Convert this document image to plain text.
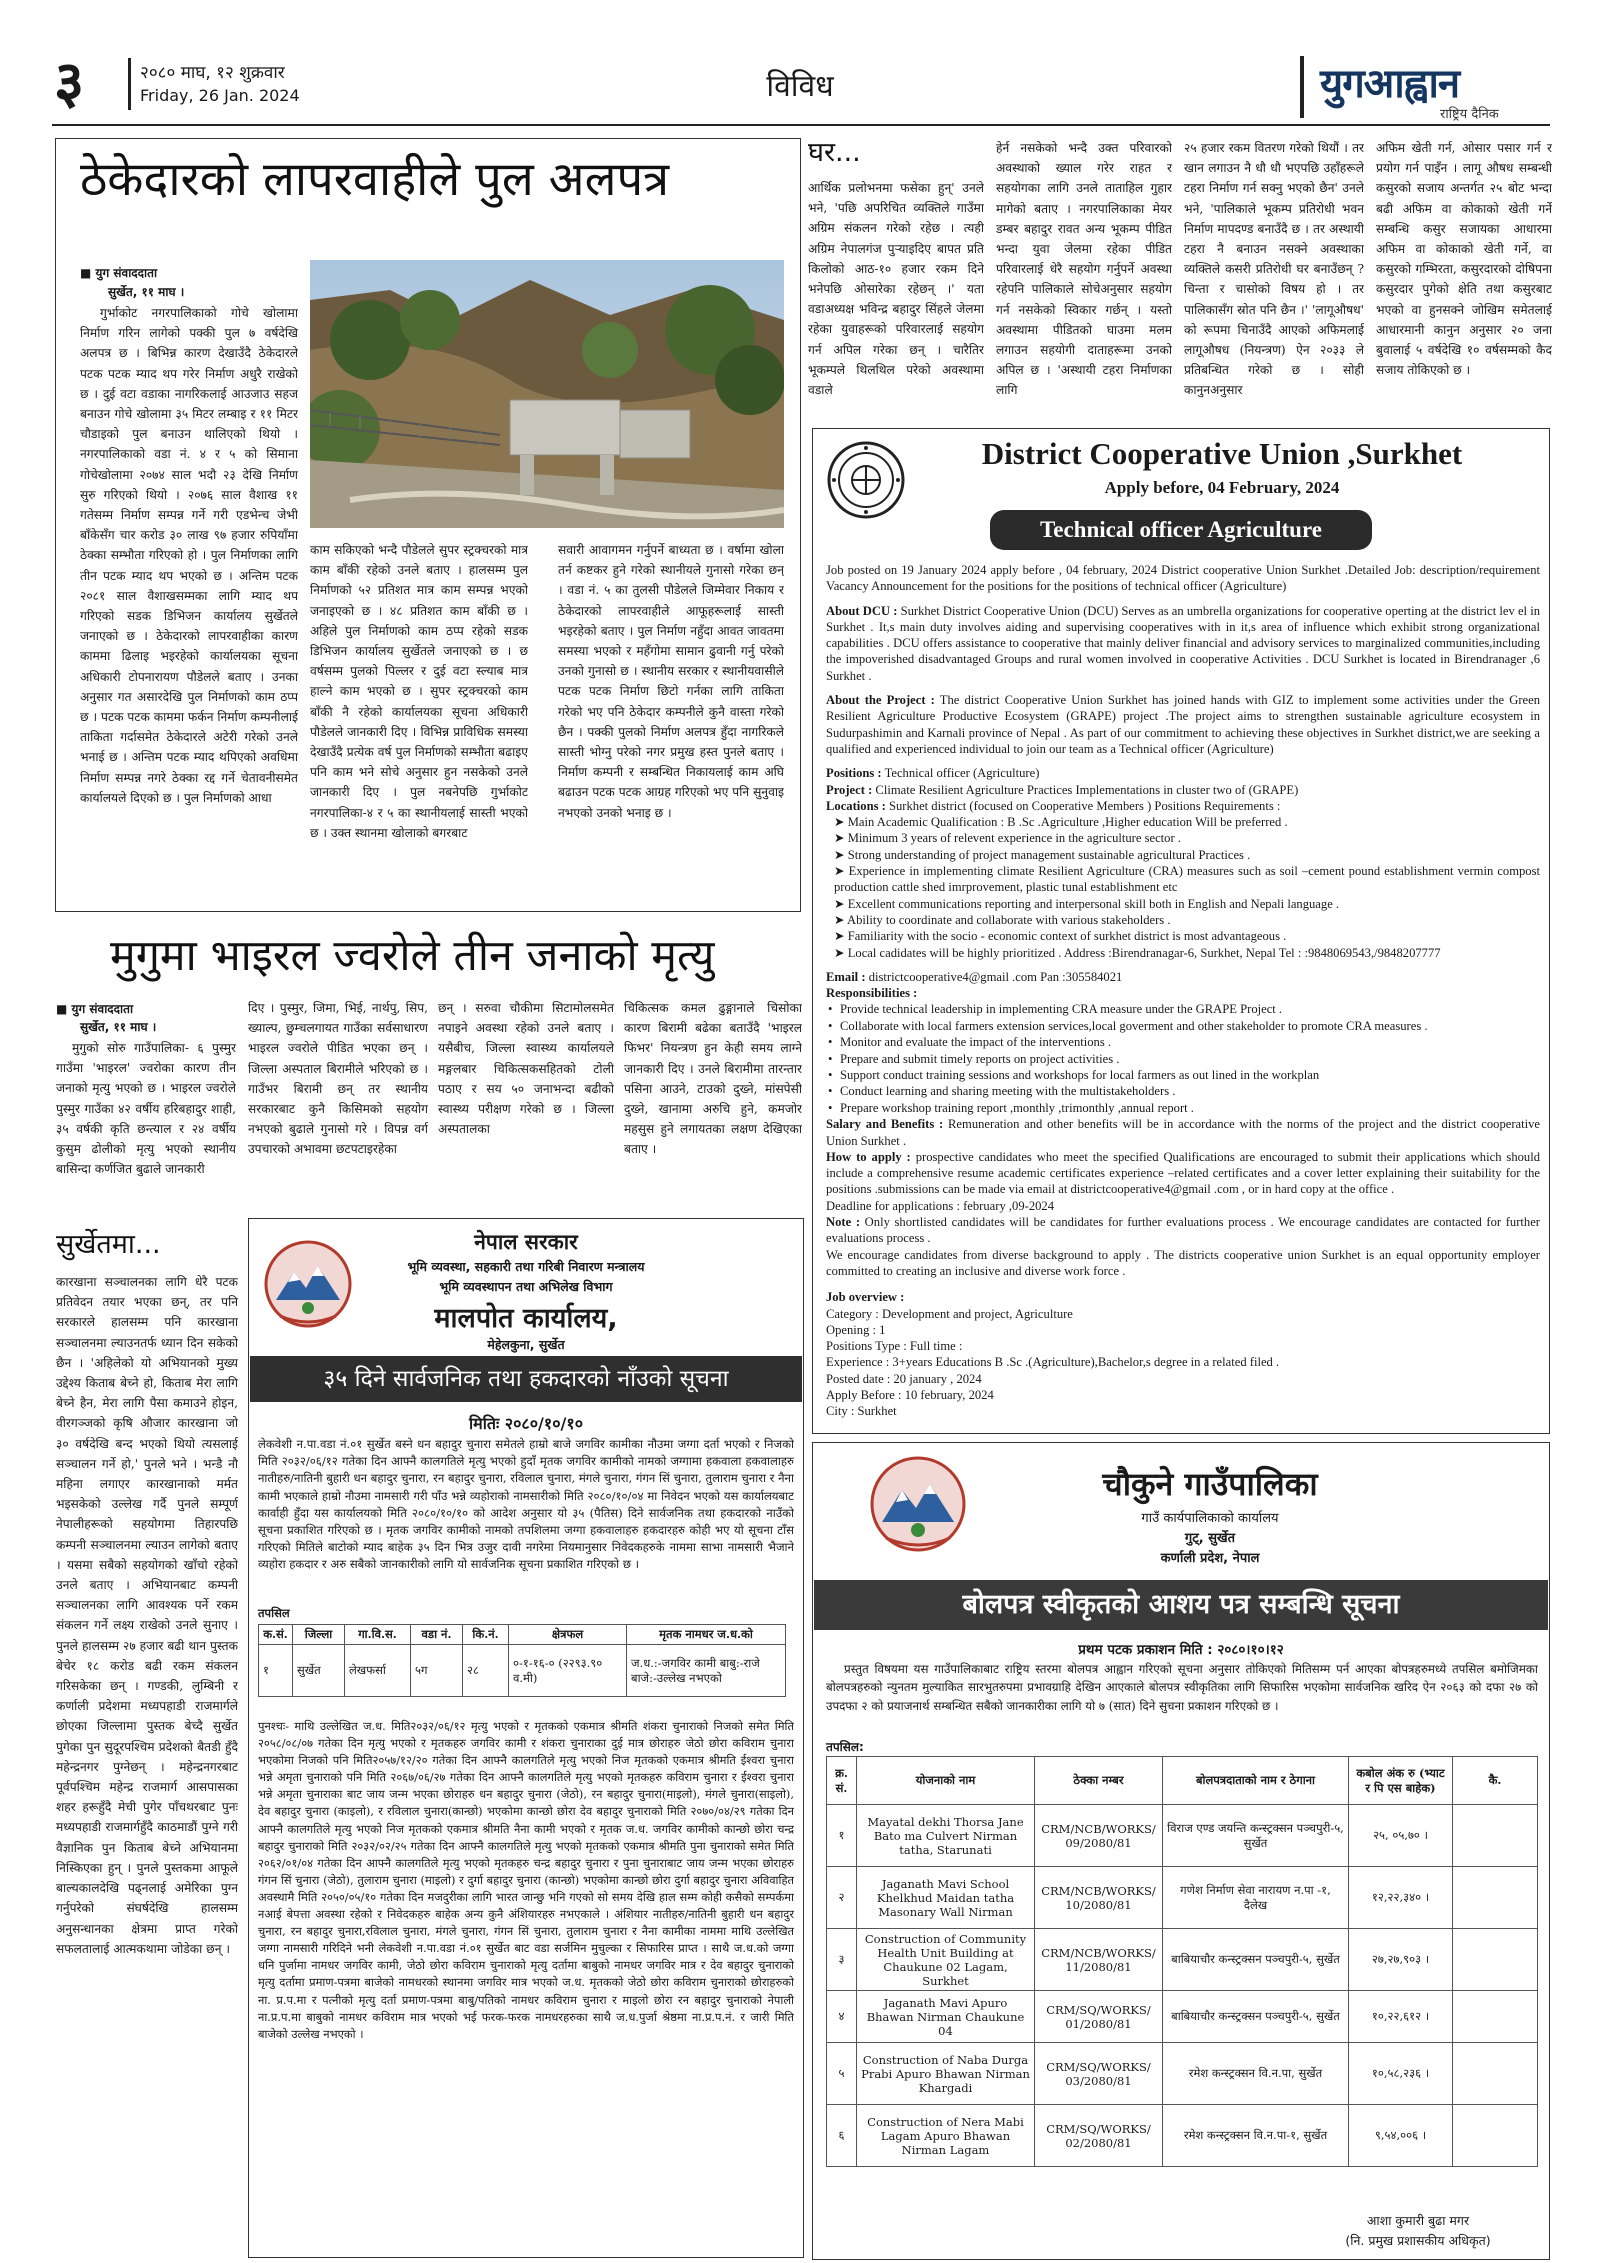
३	२०८० माघ, १२ शुक्रवार
Friday, 26 Jan. 2024	विविध	युगआह्वान
राष्ट्रिय दैनिक
ठेकेदारको लापरवाहीले पुल अलपत्र
■ युग संवाददाता
सुर्खेत, ११ माघ ।
गुर्भाकोट नगरपालिकाको गोचे खोलामा निर्माण गरिन लागेको पक्की पुल ७ वर्षदेखि अलपत्र छ । बिभिन्न कारण देखाउँदै ठेकेदारले पटक पटक म्याद थप गरेर निर्माण अधुरै राखेको छ । दुई वटा वडाका नागरिकलाई आउजाउ सहज बनाउन गोचे खोलामा ३५ मिटर लम्बाइ र ११ मिटर चौडाइको पुल बनाउन थालिएको थियो । नगरपालिकाको वडा नं. ४ र ५ को सिमाना गोचेखोलामा २०७४ साल भदौ २३ देखि निर्माण सुरु गरिएको थियो । २०७६ साल वैशाख ११ गतेसम्म निर्माण सम्पन्न गर्ने गरी एडभेन्च जेभी बाँकेसँग चार करोड ३० लाख ९७ हजार रुपियाँमा ठेक्का सम्भौता गरिएको हो । पुल निर्माणका लागि तीन पटक म्याद थप भएको छ । अन्तिम पटक २०८१ साल वैशाखसम्मका लागि म्याद थप गरिएको सडक डिभिजन कार्यालय सुर्खेतले जनाएको छ । ठेकेदारको लापरवाहीका कारण काममा ढिलाइ भइरहेको कार्यालयका सूचना अधिकारी टोपनारायण पौडेलले बताए । उनका अनुसार गत असारदेखि पुल निर्माणको काम ठप्प छ । पटक पटक काममा फर्कन निर्माण कम्पनीलाई ताकिता गर्दासमेत ठेकेदारले अटेरी गरेको उनले भनाई छ । अन्तिम पटक म्याद थपिएको अवधिमा निर्माण सम्पन्न नगरे ठेक्का रद्द गर्ने चेतावनीसमेत कार्यालयले दिएको छ । पुल निर्माणको आधा
काम सकिएको भन्दै पौडेलले सुपर स्ट्रक्चरको मात्र काम बाँकी रहेको उनले बताए । हालसम्म पुल निर्माणको ५२ प्रतिशत मात्र काम सम्पन्न भएको जनाइएको छ । ४८ प्रतिशत काम बाँकी छ । अहिले पुल निर्माणको काम ठप्प रहेको सडक डिभिजन कार्यालय सुर्खेतले जनाएको छ । छ वर्षसम्म पुलको पिल्लर र दुई वटा स्ल्याब मात्र हाल्ने काम भएको छ । सुपर स्ट्रक्चरको काम बाँकी नै रहेको कार्यालयका सूचना अधिकारी पौडेलले जानकारी दिए । विभिन्न प्राविधिक समस्या देखाउँदै प्रत्येक वर्ष पुल निर्माणको सम्भौता बढाइए पनि काम भने सोचे अनुसार हुन नसकेको उनले जानकारी दिए । पुल नबनेपछि गुर्भाकोट नगरपालिका-४ र ५ का स्थानीयलाई सास्ती भएको छ । उक्त स्थानमा खोलाको बगरबाट
सवारी आवागमन गर्नुपर्ने बाध्यता छ । वर्षामा खोला तर्न कष्टकर हुने गरेको स्थानीयले गुनासो गरेका छन् । वडा नं. ५ का तुलसी पौडेलले जिम्मेवार निकाय र ठेकेदारको लापरवाहीले आफूहरूलाई सास्ती भइरहेको बताए । पुल निर्माण नहुँदा आवत जावतमा समस्या भएको र महँगोमा सामान ढुवानी गर्नु परेको उनको गुनासो छ । स्थानीय सरकार र स्थानीयवासीले पटक पटक निर्माण छिटो गर्नका लागि ताकिता गरेको भए पनि ठेकेदार कम्पनीले कुनै वास्ता गरेको छैन । पक्की पुलको निर्माण अलपत्र हुँदा नागरिकले सास्ती भोग्नु परेको नगर प्रमुख हस्त पुनले बताए । निर्माण कम्पनी र सम्बन्धित निकायलाई काम अघि बढाउन पटक पटक आग्रह गरिएको भए पनि सुनुवाइ नभएको उनको भनाइ छ ।
मुगुमा भाइरल ज्वरोले तीन जनाको मृत्यु
■ युग संवाददाता
सुर्खेत, ११ माघ ।
मुगुको सोरु गाउँपालिका- ६ पुस्मुर गाउँमा 'भाइरल' ज्वरोका कारण तीन जनाको मृत्यु भएको छ । भाइरल ज्वरोले पुस्मुर गाउँका ४२ वर्षीय हरिबहादुर शाही, ३५ वर्षकी कृति छन्त्याल र २४ वर्षीय कुसुम ढोलीको मृत्यु भएको स्थानीय बासिन्दा कर्णजित बुढाले जानकारी
दिए । पुस्मुर, जिमा, भिई, नार्थपु, सिप, ख्याल्प, छुम्चलगायत गाउँका सर्वसाधारण भाइरल ज्वरोले पीडित भएका छन् । जिल्ला अस्पताल बिरामीले भरिएको छ । गाउँभर बिरामी छन् तर स्थानीय सरकारबाट कुनै किसिमको सहयोग नभएको बुढाले गुनासो गरे । विपन्न वर्ग उपचारको अभावमा छटपटाइरहेका
छन् । सरुवा चौकीमा सिटामोलसमेत नपाइने अवस्था रहेको उनले बताए । यसैबीच, जिल्ला स्वास्थ्य कार्यालयले मङ्गलबार चिकित्सकसहितको टोली पठाए र सय ५० जनाभन्दा बढीको स्वास्थ्य परीक्षण गरेको छ । जिल्ला अस्पतालका
चिकित्सक कमल ढुङ्गानाले चिसोका कारण बिरामी बढेका बताउँदै 'भाइरल फिभर' नियन्त्रण हुन केही समय लाग्ने जानकारी दिए । उनले बिरामीमा तारन्तार पसिना आउने, टाउको दुख्ने, मांसपेसी दुख्ने, खानामा अरुचि हुने, कमजोर महसुस हुने लगायतका लक्षण देखिएका बताए ।
सुर्खेतमा...
कारखाना सञ्चालनका लागि धेरै पटक प्रतिवेदन तयार भएका छन्, तर पनि सरकारले हालसम्म पनि कारखाना सञ्चालनमा ल्याउनतर्फ ध्यान दिन सकेको छैन । 'अहिलेको यो अभियानको मुख्य उद्देश्य किताब बेच्ने हो, किताब मेरा लागि बेच्ने हैन, मेरा लागि पैसा कमाउने होइन, वीरगञ्जको कृषि औजार कारखाना जो ३० वर्षदेखि बन्द भएको थियो त्यसलाई सञ्चालन गर्ने हो,' पुनले भने । भन्डै नौ महिना लगाएर कारखानाको मर्मत भइसकेको उल्लेख गर्दै पुनले सम्पूर्ण नेपालीहरूको सहयोगमा तिहारपछि कम्पनी सञ्चालनमा ल्याउन लागेको बताए । यसमा सबैको सहयोगको खाँचो रहेको उनले बताए । अभियानबाट कम्पनी सञ्चालनका लागि आवश्यक पर्ने रकम संकलन गर्ने लक्ष्य राखेको उनले सुनाए । पुनले हालसम्म २७ हजार बढी थान पुस्तक बेचेर १८ करोड बढी रकम संकलन गरिसकेका छन् । गण्डकी, लुम्बिनी र कर्णाली प्रदेशमा मध्यपहाडी राजमार्गले छोएका जिल्लामा पुस्तक बेच्दै सुर्खेत पुगेका पुन सुदूरपश्चिम प्रदेशको बैतडी हुँदै महेन्द्रनगर पुग्नेछन् । महेन्द्रनगरबाट पूर्वपश्चिम महेन्द्र राजमार्ग आसपासका शहर हरूहुँदै मेची पुगेर पाँचथरबाट पुनः मध्यपहाडी राजमार्गहुँदै काठमाडौं पुग्ने गरी वैज्ञानिक पुन किताब बेच्ने अभियानमा निस्किएका हुन् । पुनले पुस्तकमा आफूले बाल्यकालदेखि पढ्नलाई अमेरिका पुग्न गर्नुपरेको संघर्षदेखि हालसम्म अनुसन्धानका क्षेत्रमा प्राप्त गरेको सफलतालाई आत्मकथामा जोडेका छन् ।
नेपाल सरकार
भूमि व्यवस्था, सहकारी तथा गरिबी निवारण मन्त्रालय
भूमि व्यवस्थापन तथा अभिलेख विभाग
मालपोत कार्यालय,
मेहेलकुना, सुर्खेत
३५ दिने सार्वजनिक तथा हकदारको नाँउको सूचना
मितिः २०८०/१०/१०
लेकवेशी न.पा.वडा नं.०१ सुर्खेत बस्ने धन बहादुर चुनारा समेतले हाम्रो बाजे जगविर कामीका नौउमा जग्गा दर्ता भएको र निजको मिति २०३२/०६/१२ गतेका दिन आफ्नै कालगतिले मृत्यु भएको हुदाँ मृतक जगविर कामीको नामको जग्गामा हकवाला हकवालाहरु नातीहरु/नातिनी बुहारी धन बहादुर चुनारा, रन बहादुर चुनारा, रविलाल चुनारा, मंगले चुनारा, गंगन सिं चुनारा, तुलाराम चुनारा र नैना कामी भएकाले हाम्रो नौउमा नामसारी गरी पाँउ भन्ने व्यहोराको नामसारीको मिति २०८०/१०/०४ मा निवेदन भएको यस कार्यालयबाट कार्वाही हुँदा यस कार्यालयको मिति २०८०/१०/१० को आदेश अनुसार यो ३५ (पैतिस) दिने सार्वजनिक तथा हकदारको नाउँको सूचना प्रकाशित गरिएको छ । मृतक जगविर कामीको नामको तपशिलमा जग्गा हकवालाहरु हकदारहरु कोही भए यो सूचना टाँस गरिएको मितिले बाटोको म्याद बाहेक ३५ दिन भित्र उजुर दावी नगरेमा नियमानुसार निवेदकहरुके नाममा साभा नामसारी भैजाने व्यहोरा हकदार र अरु सबैको जानकारीको लागि यो सार्वजनिक सूचना प्रकाशित गरिएको छ ।
तपसिल
क.सं.	जिल्ला	गा.वि.स.	वडा नं.	कि.नं.	क्षेत्रफल	मृतक नामधर ज.ध.को
१	सुर्खेत	लेखफर्सा	५ग	२८	०-१-१६-० (२२९३.९० व.मी)	ज.ध.:-जगविर कामी बाबु:-राजे बाजे:-उल्लेख नभएको
पुनश्चः- माथि उल्लेखित ज.ध. मिति२०३२/०६/१२ मृत्यु भएको र मृतकको एकमात्र श्रीमति शंकरा चुनाराको निजको समेत मिति २०५८/०८/०७ गतेका दिन मृत्यु भएको र मृतकहरु जगविर कामी र शंकरा चुनाराका दुई मात्र छोराहरु जेठो छोरा कविराम चुनारा भएकोमा निजको पनि मिति२०५७/१२/२० गतेका दिन आफ्नै कालगतिले मृत्यु भएको निज मृतकको एकमात्र श्रीमति ईश्वरा चुनारा भन्ने अमृता चुनाराको पनि मिति २०६७/०६/२७ गतेका दिन आफ्नै कालगतिले मृत्यु भएको मृतकहरु कविराम चुनारा र ईश्वरा चुनारा भन्ने अमृता चुनाराका बाट जाय जन्म भएका छोराहरु धन बहादुर चुनारा (जेठो), रन बहादुर चुनारा(माइलो), मंगले चुनारा(साइलो), देव बहादुर चुनारा (काइलो), र रविलाल चुनारा(कान्छो) भएकोमा कान्छो छोरा देव बहादुर चुनाराको मिति २०७०/०४/२९ गतेका दिन आफ्नै कालगतिले मृत्यु भएको निज मृतकको एकमात्र श्रीमति नैना कामी भएको र मृतक ज.ध. जगविर कामीको कान्छो छोरा चन्द्र बहादुर चुनाराको मिति २०३२/०२/२५ गतेका दिन आफ्नै कालगतिले मृत्यु भएको मृतकको एकमात्र श्रीमति पुना चुनाराको समेत मिति २०६२/०१/०४ गतेका दिन आफ्नै कालगतिले मृत्यु भएको मृतकहरु चन्द्र बहादुर चुनारा र पुना चुनाराबाट जाय जन्म भएका छोराहरु गंगन सिं चुनारा (जेठो), तुलाराम चुनारा (माइलो) र दुर्गा बहादुर चुनारा (कान्छो) भएकोमा कान्छो छोरा दुर्गा बहादुर चुनारा अविवाहित अवस्थामै मिति २०५०/०५/१० गतेका दिन मजदुरीका लागि भारत जान्छु भनि गएको सो समय देखि हाल सम्म कोही कसैको सम्पर्कमा नआई बेपत्ता अवस्था रहेको र निवेदकहरु बाहेक अन्य कुनै अंशियारहरु नभएकाले । अंशियार नातीहरु/नातिनी बुहारी धन बहादुर चुनारा, रन बहादुर चुनारा,रविलाल चुनारा, मंगले चुनारा, गंगन सिं चुनारा, तुलाराम चुनारा र नैना कामीका नाममा माथि उल्लेखित जग्गा नामसारी गरिदिने भनी लेकवेशी न.पा.वडा नं.०१ सुर्खेत बाट वडा सर्जमिन मुचुल्का र सिफारिस प्राप्त । साथै ज.ध.को जग्गा धनि पुर्जामा नामधर जगविर कामी, जेठो छोरा कविराम चुनाराको मृत्यु दर्तामा बाबुको नामधर जगविर मात्र र देव बहादुर चुनाराको मृत्यु दर्तामा प्रमाण-पत्रमा बाजेको नामधरको स्थानमा जगविर मात्र भएको ज.ध. मृतकको जेठो छोरा कविराम चुनाराको छोराहरुको ना. प्र.प.मा र पत्नीको मृत्यु दर्ता प्रमाण-पत्रमा बाबु/पतिको नामधर कविराम चुनारा र माइलो छोरा रन बहादुर चुनाराको नेपाली ना.प्र.प.मा बाबुको नामधर कविराम मात्र भएको भई फरक-फरक नामधरहरुका साथै ज.ध.पुर्जा श्रेष्ठमा ना.प्र.प.नं. र जारी मिति बाजेको उल्लेख नभएको ।
घर...
आर्थिक प्रलोभनमा फसेका हुन्' उनले भने, 'पछि अपरिचित व्यक्तिले गाउँमा अग्रिम संकलन गरेको रहेछ । त्यही अग्रिम नेपालगंज पुऱ्याइदिए बापत प्रति किलोको आठ-१० हजार रकम दिने भनेपछि ओसारेका रहेछन् ।' यता वडाअध्यक्ष भविन्द्र बहादुर सिंहले जेलमा रहेका युवाहरूको परिवारलाई सहयोग गर्न अपिल गरेका छन् । चारैतिर भूकम्पले थिलथिल परेको अवस्थामा वडाले
हेर्न नसकेको भन्दै उक्त परिवारको अवस्थाको ख्याल गरेर राहत र सहयोगका लागि उनले ताताहिल गुहार मागेको बताए । नगरपालिकाका मेयर डम्बर बहादुर रावत अन्य भूकम्प पीडित भन्दा युवा जेलमा रहेका पीडित परिवारलाई धेरै सहयोग गर्नुपर्ने अवस्था रहेपनि पालिकाले सोचेअनुसार सहयोग गर्न नसकेको स्विकार गर्छन् । यस्तो अवस्थामा पीडितको घाउमा मलम लगाउन सहयोगी दाताहरूमा उनको अपिल छ । 'अस्थायी टहरा निर्माणका लागि
२५ हजार रकम वितरण गरेको थियौं । तर खान लगाउन नै धौ धौ भएपछि उहाँहरूले टहरा निर्माण गर्न सक्नु भएको छैन' उनले भने, 'पालिकाले भूकम्प प्रतिरोधी भवन निर्माण मापदण्ड बनाउँदै छ । तर अस्थायी टहरा नै बनाउन नसक्ने अवस्थाका व्यक्तिले कसरी प्रतिरोधी घर बनाउँछन् ? चिन्ता र चासोको विषय हो । तर पालिकासँग स्रोत पनि छैन ।' 'लागूऔषध' को रूपमा चिनाउँदै आएको अफिमलाई लागूऔषध (नियन्त्रण) ऐन २०३३ ले प्रतिबन्धित गरेको छ । सोही कानुनअनुसार
अफिम खेती गर्न, ओसार पसार गर्न र प्रयोग गर्न पाइँन । लागू औषध सम्बन्धी कसुरको सजाय अन्तर्गत २५ बोट भन्दा बढी अफिम वा कोकाको खेती गर्ने सम्बन्धि कसुर सजायका आधारमा अफिम वा कोकाको खेती गर्ने, वा कसुरको गम्भिरता, कसुरदारको दोषिपना कसुरदार पुगेको क्षेति तथा कसुरबाट भएको वा हुनसक्ने जोखिम समेतलाई आधारमानी कानुन अनुसार २० जना बुवालाई ५ वर्षदेखि १० वर्षसम्मको कैद सजाय तोकिएको छ ।
District Cooperative Union ,Surkhet
Apply before, 04 February, 2024
Technical officer Agriculture

Job posted on 19 January 2024 apply before , 04 february, 2024 District cooperative Union Surkhet .Detailed Job: description/requirement Vacancy Announcement for the positions for the positions of technical officer (Agriculture)

About DCU : Surkhet District Cooperative Union (DCU) Serves as an umbrella organizations for cooperative operting at the district lev el in Surkhet . It,s main duty involves aiding and supervising cooperatives with in it,s area of influence which exhibit strong organizational capabilities . DCU offers assistance to cooperative that mainly deliver financial and advisory services to marginalized communities,including the impoverished disadvantaged Groups and rural women involved in cooperative Activities . DCU Surkhet is located in Birendranager ,6 Surkhet .

About the Project : The district Cooperative Union Surkhet has joined hands with GIZ to implement some activities under the Green Resilient Agriculture Productive Ecosystem (GRAPE) project .The project aims to strengthen sustainable agriculture ecosystem in Sudurpashimin and Karnali province of Nepal . As part of our commitment to achieving these objectives in Surkhet district,we are seeking a qualified and experienced individual to join our team as a Technical officer (Agriculture)

Positions : Technical officer (Agriculture)

Project : Climate Resilient Agriculture Practices Implementations in cluster two of (GRAPE)

Locations : Surkhet district (focused on Cooperative Members ) Positions Requirements :

➤ Main Academic Qualification : B .Sc .Agriculture ,Higher education Will be preferred .

➤ Minimum 3 years of relevent experience in the agriculture sector .

➤ Strong understanding of project management sustainable agricultural Practices .

➤ Experience in implementing climate Resilient Agriculture (CRA) measures such as soil –cement pound establishment vermin compost production cattle shed imrprovement, plastic tunal establishment etc

➤ Excellent communications reporting and interpersonal skill both in English and Nepali language .

➤ Ability to coordinate and collaborate with various stakeholders .

➤ Familiarity with the socio - economic context of surkhet district is most advantageous .

➤ Local cadidates will be highly prioritized . Address :Birendranagar-6, Surkhet, Nepal Tel : :9848069543,/9848207777

Email : districtcooperative4@gmail .com Pan :305584021

Responsibilities :

• Provide technical leadership in implementing CRA measure under the GRAPE Project .
• Collaborate with local farmers extension services,local goverment and other stakeholder to promote CRA measures .
• Monitor and evaluate the impact of the interventions .
• Prepare and submit timely reports on project activities .
• Support conduct training sessions and workshops for local farmers as out lined in the workplan
• Conduct learning and sharing meeting with the multistakeholders .
• Prepare workshop training report ,monthly ,trimonthly ,annual report .

Salary and Benefits : Remuneration and other benefits will be in accordance with the norms of the project and the district cooperative Union Surkhet .

How to apply : prospective candidates who meet the specified Qualifications are encouraged to submit their applications which should include a comprehensive resume academic certificates experience –related certificates and a cover letter explaining their suitability for the positions .submissions can be made via email at districtcooperative4@gmail .com , or in hard copy at the office .

Deadline for applications : february ,09-2024

Note : Only shortlisted candidates will be candidates for further evaluations process . We encourage candidates are contacted for further evaluations process .

We encourage candidates from diverse background to apply . The districts cooperative union Surkhet is an equal opportunity employer committed to creating an inclusive and diverse work force .

Job overview :

Category : Development and project, Agriculture

Opening : 1

Positions Type : Full time :

Experience : 3+years Educations B .Sc .(Agriculture),Bachelor,s degree in a related filed .

Posted date : 20 january , 2024

Apply Before : 10 february, 2024

City : Surkhet

चौकुने गाउँपालिका
गाउँ कार्यपालिकाको कार्यालय
गुट्, सुर्खेत
कर्णाली प्रदेश, नेपाल
बोलपत्र स्वीकृतको आशय पत्र सम्बन्धि सूचना
प्रथम पटक प्रकाशन मिति : २०८०।१०।१२
प्रस्तुत विषयमा यस गाउँपालिकाबाट राष्ट्रिय स्तरमा बोलपत्र आह्वान गरिएको सूचना अनुसार तोकिएको मितिसम्म पर्न आएका बोपत्रहरुमध्ये तपसिल बमोजिमका बोलपत्रहरुको न्युनतम मुल्याकित सारभुतरुपमा प्रभावग्राहि देखिन आएकाले बोलपत्र स्वीकृतिका लागि सिफारिस भएकोमा सार्वजनिक खरिद ऐन २०६३ को दफा २७ को उपदफा २ को प्रयाजनार्थ सम्बन्धित सबैको जानकारीका लागि यो ७ (सात) दिने सुचना प्रकाशन गरिएको छ ।
तपसिल:
क्र. सं.	योजनाको नाम	ठेक्का नम्बर	बोलपत्रदाताको नाम र ठेगाना	कबोल अंक रु (भ्याट र पि एस बाहेक)	कै.
१	Mayatal dekhi Thorsa Jane Bato ma Culvert Nirman tatha, Starunati	CRM/NCB/WORKS/ 09/2080/81	विराज एण्ड जयन्ति कन्स्ट्रक्सन पञ्चपुरी-५, सुर्खेत	२५, ०५,७० ।	
२	Jaganath Mavi School Khelkhud Maidan tatha Masonary Wall Nirman	CRM/NCB/WORKS/ 10/2080/81	गणेश निर्माण सेवा नारायण न.पा -१, दैलेख	१२,२२,३४० ।	
३	Construction of Community Health Unit Building at Chaukune 02 Lagam, Surkhet	CRM/NCB/WORKS/ 11/2080/81	बाबियाचौर कन्स्ट्रक्सन पञ्चपुरी-५, सुर्खेत	२७,२७,९०३ ।	
४	Jaganath Mavi Apuro Bhawan Nirman Chaukune 04	CRM/SQ/WORKS/ 01/2080/81	बाबियाचौर कन्स्ट्रक्सन पञ्चपुरी-५, सुर्खेत	१०,२२,६१२ ।	
५	Construction of Naba Durga Prabi Apuro Bhawan Nirman Khargadi	CRM/SQ/WORKS/ 03/2080/81	रमेश कन्स्ट्रक्सन वि.न.पा, सुर्खेत	१०,५८,२३६ ।	
६	Construction of Nera Mabi Lagam Apuro Bhawan Nirman Lagam	CRM/SQ/WORKS/ 02/2080/81	रमेश कन्स्ट्रक्सन वि.न.पा-१, सुर्खेत	९,५४,००६ ।	
आशा कुमारी बुढा मगर
(नि. प्रमुख प्रशासकीय अधिकृत)
